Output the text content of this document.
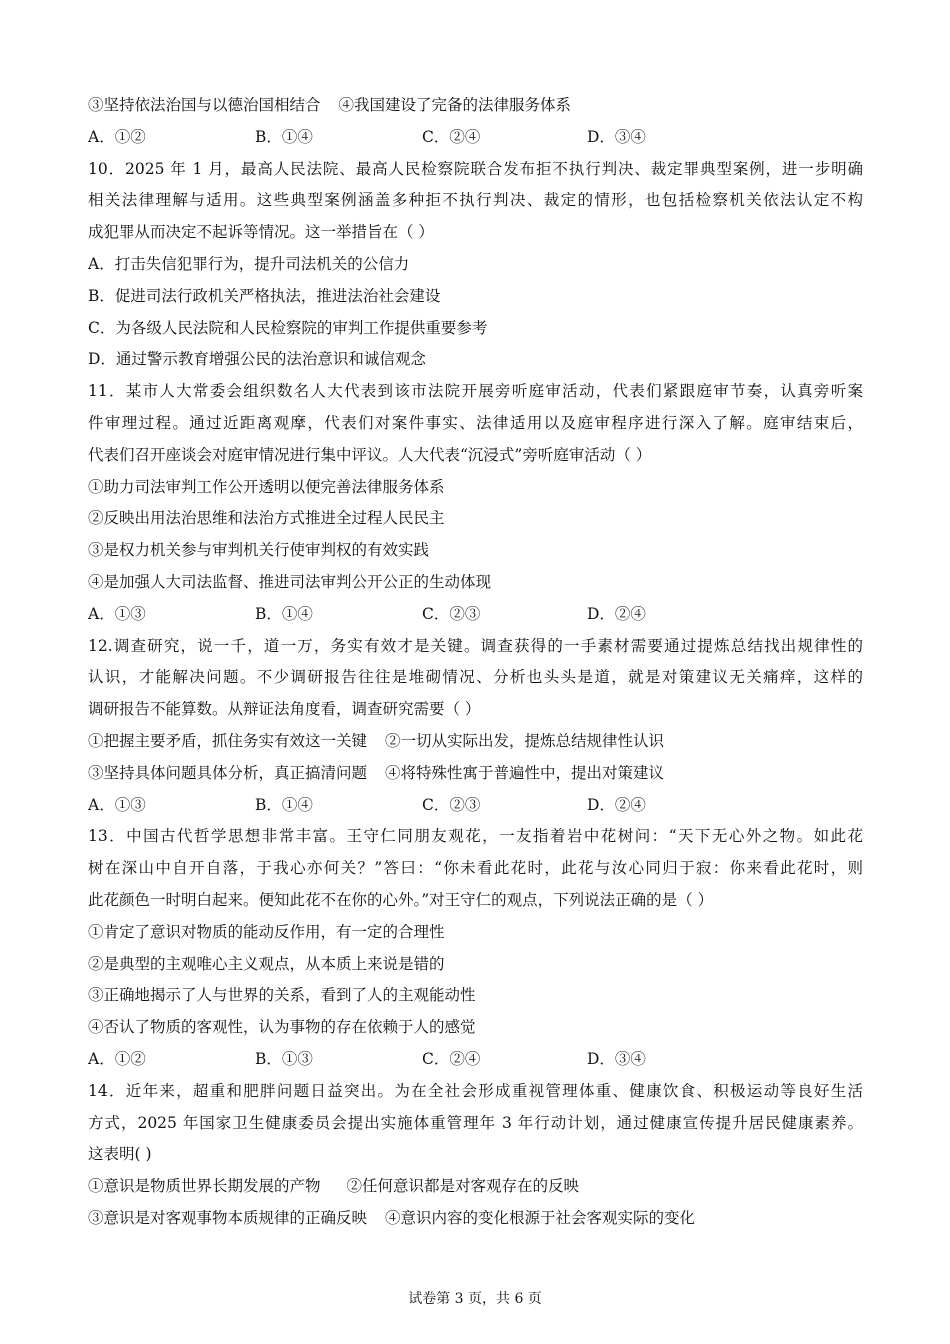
③坚持依法治国与以德治国相结合 ④我国建设了完备的法律服务体系
A．①②	B．①④	C．②④	D．③④
10．2025 年 1 月，最高人民法院、最高人民检察院联合发布拒不执行判决、裁定罪典型案例，进一步明确
相关法律理解与适用。这些典型案例涵盖多种拒不执行判决、裁定的情形，也包括检察机关依法认定不构
成犯罪从而决定不起诉等情况。这一举措旨在（ ）
A．打击失信犯罪行为，提升司法机关的公信力
B．促进司法行政机关严格执法，推进法治社会建设
C．为各级人民法院和人民检察院的审判工作提供重要参考
D．通过警示教育增强公民的法治意识和诚信观念
11．某市人大常委会组织数名人大代表到该市法院开展旁听庭审活动，代表们紧跟庭审节奏，认真旁听案
件审理过程。通过近距离观摩，代表们对案件事实、法律适用以及庭审程序进行深入了解。庭审结束后，
代表们召开座谈会对庭审情况进行集中评议。人大代表“沉浸式”旁听庭审活动（ ）
①助力司法审判工作公开透明以便完善法律服务体系
②反映出用法治思维和法治方式推进全过程人民民主
③是权力机关参与审判机关行使审判权的有效实践
④是加强人大司法监督、推进司法审判公开公正的生动体现
A．①③	B．①④	C．②③	D．②④
12.调查研究，说一千，道一万，务实有效才是关键。调查获得的一手素材需要通过提炼总结找出规律性的
认识，才能解决问题。不少调研报告往往是堆砌情况、分析也头头是道，就是对策建议无关痛痒，这样的
调研报告不能算数。从辩证法角度看，调查研究需要（ ）
①把握主要矛盾，抓住务实有效这一关键 ②一切从实际出发，提炼总结规律性认识
③坚持具体问题具体分析，真正搞清问题 ④将特殊性寓于普遍性中，提出对策建议
A．①③	B．①④	C．②③	D．②④
13．中国古代哲学思想非常丰富。王守仁同朋友观花，一友指着岩中花树问：“天下无心外之物。如此花
树在深山中自开自落，于我心亦何关？”答曰：“你未看此花时，此花与汝心同归于寂：你来看此花时，则
此花颜色一时明白起来。便知此花不在你的心外。”对王守仁的观点，下列说法正确的是（ ）
①肯定了意识对物质的能动反作用，有一定的合理性
②是典型的主观唯心主义观点，从本质上来说是错的
③正确地揭示了人与世界的关系，看到了人的主观能动性
④否认了物质的客观性，认为事物的存在依赖于人的感觉
A．①②	B．①③	C．②④	D．③④
14．近年来，超重和肥胖问题日益突出。为在全社会形成重视管理体重、健康饮食、积极运动等良好生活
方式，2025 年国家卫生健康委员会提出实施体重管理年 3 年行动计划，通过健康宣传提升居民健康素养。
这表明( )
①意识是物质世界长期发展的产物 ②任何意识都是对客观存在的反映
③意识是对客观事物本质规律的正确反映 ④意识内容的变化根源于社会客观实际的变化
试卷第 3 页，共 6 页
